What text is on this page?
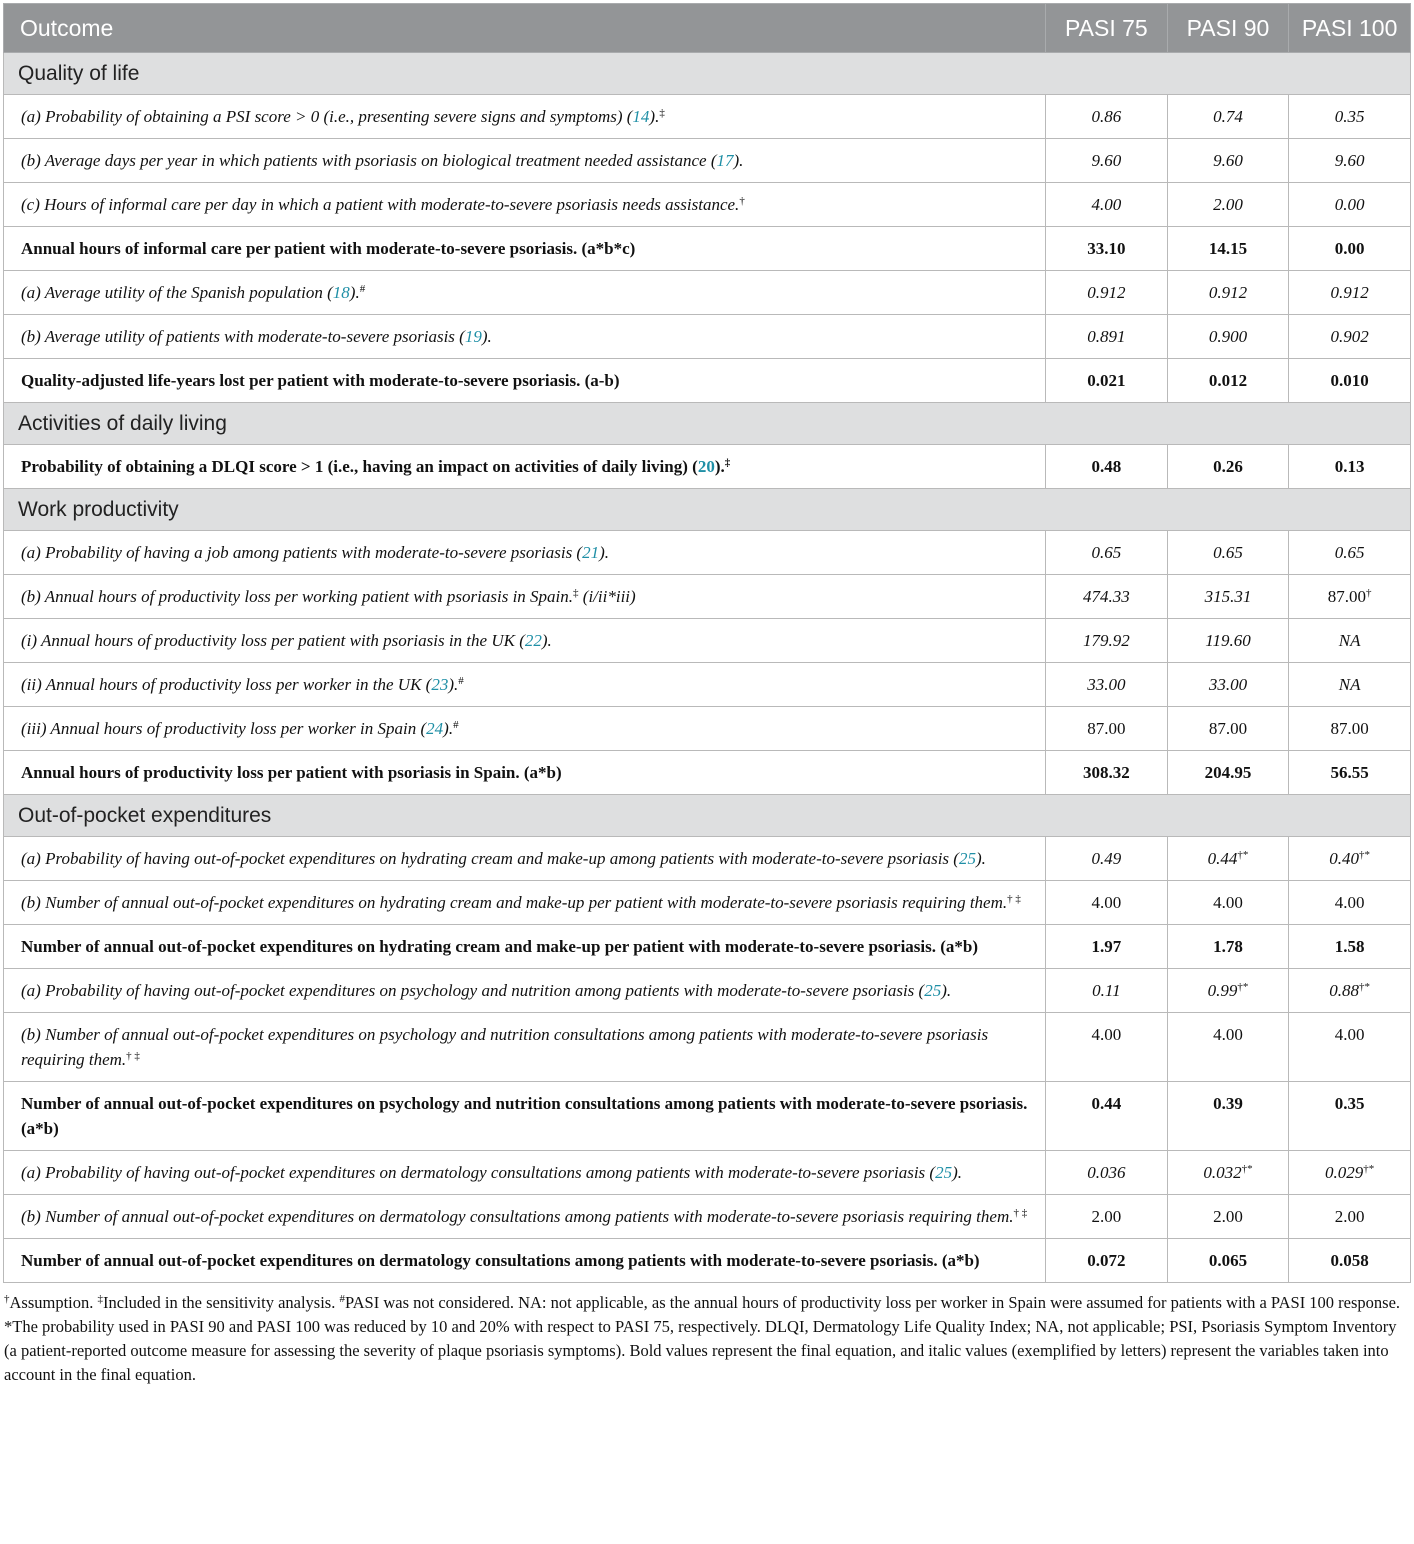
Outcome	PASI 75	PASI 90	PASI 100
Quality of life			
(a) Probability of obtaining a PSI score > 0 (i.e., presenting severe signs and symptoms) (14).‡	0.86	0.74	0.35
(b) Average days per year in which patients with psoriasis on biological treatment needed assistance (17).	9.60	9.60	9.60
(c) Hours of informal care per day in which a patient with moderate-to-severe psoriasis needs assistance.†	4.00	2.00	0.00
Annual hours of informal care per patient with moderate-to-severe psoriasis. (a*b*c)	33.10	14.15	0.00
(a) Average utility of the Spanish population (18).#	0.912	0.912	0.912
(b) Average utility of patients with moderate-to-severe psoriasis (19).	0.891	0.900	0.902
Quality-adjusted life-years lost per patient with moderate-to-severe psoriasis. (a-b)	0.021	0.012	0.010
Activities of daily living			
Probability of obtaining a DLQI score > 1 (i.e., having an impact on activities of daily living) (20).‡	0.48	0.26	0.13
Work productivity			
(a) Probability of having a job among patients with moderate-to-severe psoriasis (21).	0.65	0.65	0.65
(b) Annual hours of productivity loss per working patient with psoriasis in Spain.‡ (i/ii*iii)	474.33	315.31	87.00†
(i) Annual hours of productivity loss per patient with psoriasis in the UK (22).	179.92	119.60	NA
(ii) Annual hours of productivity loss per worker in the UK (23).#	33.00	33.00	NA
(iii) Annual hours of productivity loss per worker in Spain (24).#	87.00	87.00	87.00
Annual hours of productivity loss per patient with psoriasis in Spain. (a*b)	308.32	204.95	56.55
Out-of-pocket expenditures			
(a) Probability of having out-of-pocket expenditures on hydrating cream and make-up among patients with moderate-to-severe psoriasis (25).	0.49	0.44†*	0.40†*
(b) Number of annual out-of-pocket expenditures on hydrating cream and make-up per patient with moderate-to-severe psoriasis requiring them.† ‡	4.00	4.00	4.00
Number of annual out-of-pocket expenditures on hydrating cream and make-up per patient with moderate-to-severe psoriasis. (a*b)	1.97	1.78	1.58
(a) Probability of having out-of-pocket expenditures on psychology and nutrition among patients with moderate-to-severe psoriasis (25).	0.11	0.99†*	0.88†*
(b) Number of annual out-of-pocket expenditures on psychology and nutrition consultations among patients with moderate-to-severe psoriasis requiring them.† ‡	4.00	4.00	4.00
Number of annual out-of-pocket expenditures on psychology and nutrition consultations among patients with moderate-to-severe psoriasis. (a*b)	0.44	0.39	0.35
(a) Probability of having out-of-pocket expenditures on dermatology consultations among patients with moderate-to-severe psoriasis (25).	0.036	0.032†*	0.029†*
(b) Number of annual out-of-pocket expenditures on dermatology consultations among patients with moderate-to-severe psoriasis requiring them.† ‡	2.00	2.00	2.00
Number of annual out-of-pocket expenditures on dermatology consultations among patients with moderate-to-severe psoriasis. (a*b)	0.072	0.065	0.058
†Assumption. ‡Included in the sensitivity analysis. #PASI was not considered. NA: not applicable, as the annual hours of productivity loss per worker in Spain were assumed for patients with a PASI 100 response. *The probability used in PASI 90 and PASI 100 was reduced by 10 and 20% with respect to PASI 75, respectively. DLQI, Dermatology Life Quality Index; NA, not applicable; PSI, Psoriasis Symptom Inventory (a patient-reported outcome measure for assessing the severity of plaque psoriasis symptoms). Bold values represent the final equation, and italic values (exemplified by letters) represent the variables taken into account in the final equation.
